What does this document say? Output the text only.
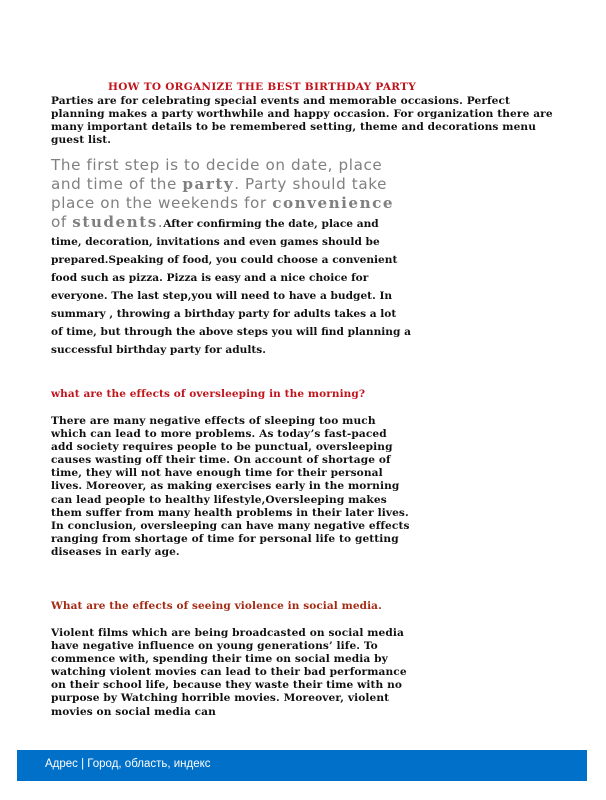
HOW TO ORGANIZE THE BEST BIRTHDAY PARTY
Parties are for celebrating special events and memorable occasions. Perfect planning makes a party worthwhile and happy occasion. For organization there are many important details to be remembered setting, theme and decorations menu guest list.
The first step is to decide on date, place and time of the party. Party should take place on the weekends for convenience of students.After confirming the date, place and time, decoration, invitations and even games should be prepared.Speaking of food, you could choose a convenient food such as pizza. Pizza is easy and a nice choice for everyone. The last step,you will need to have a budget. In summary , throwing a birthday party for adults takes a lot of time, but through the above steps you will find planning a successful birthday party for adults.
what are the effects of oversleeping in the morning?
There are many negative effects of sleeping too much which can lead to more problems. As today’s fast-paced add society requires people to be punctual, oversleeping causes wasting off their time. On account of shortage of time, they will not have enough time for their personal lives. Moreover, as making exercises early in the morning can lead people to healthy lifestyle,Oversleeping makes them suffer from many health problems in their later lives. In conclusion, oversleeping can have many negative effects ranging from shortage of time for personal life to getting diseases in early age.
What are the effects of seeing violence in social media.
Violent films which are being broadcasted on social media have negative influence on young generations’ life. To commence with, spending their time on social media by watching violent movies can lead to their bad performance on their school life, because they waste their time with no purpose by Watching horrible movies. Moreover, violent movies on social media can
Адрес | Город, область, индекс
